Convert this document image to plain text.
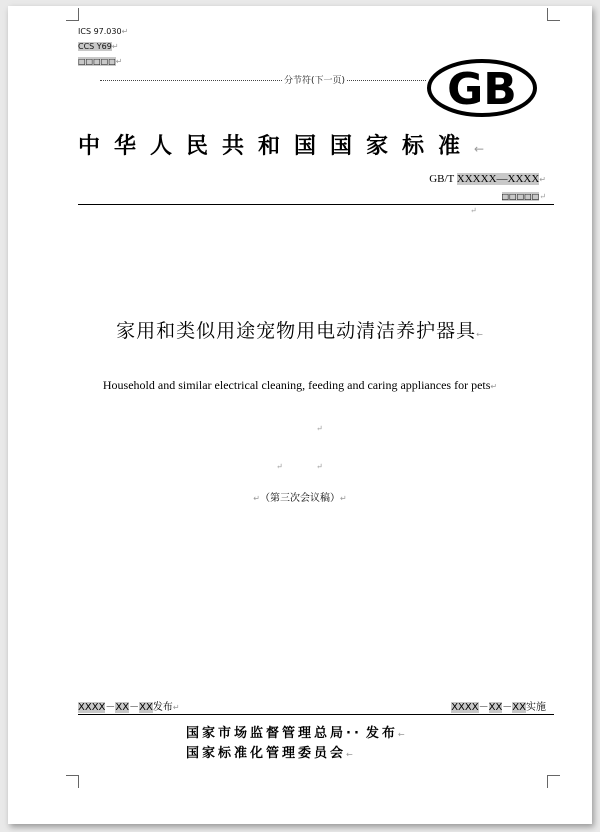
ICS 97.030↵
CCS Y69↵
□□□□□↵
分节符(下一页) GB
中华人民共和国国家标准←
GB/T XXXXX—XXXX↵
□□□□□↵
↵
家用和类似用途宠物用电动清洁养护器具←
Household and similar electrical cleaning, feeding and caring appliances for pets↵
↵
↵	↵
↵（第三次会议稿）↵
XXXX－XX－XX发布↵	XXXX－XX－XX实施
国家市场监督管理总局·· 发布←
国家标准化管理委员会←
